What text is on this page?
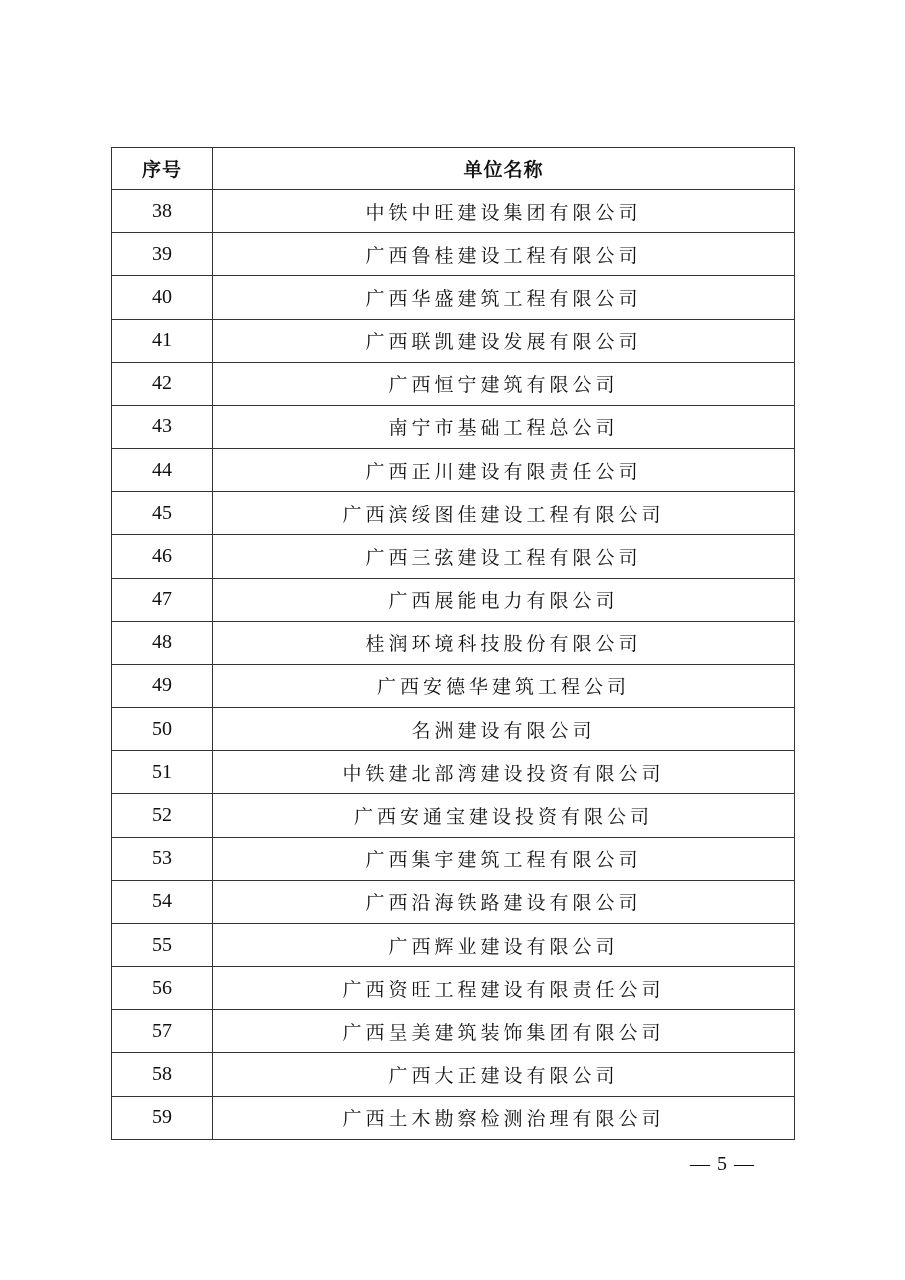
序号	单位名称
38	中铁中旺建设集团有限公司
39	广西鲁桂建设工程有限公司
40	广西华盛建筑工程有限公司
41	广西联凯建设发展有限公司
42	广西恒宁建筑有限公司
43	南宁市基础工程总公司
44	广西正川建设有限责任公司
45	广西滨绥图佳建设工程有限公司
46	广西三弦建设工程有限公司
47	广西展能电力有限公司
48	桂润环境科技股份有限公司
49	广西安德华建筑工程公司
50	名洲建设有限公司
51	中铁建北部湾建设投资有限公司
52	广西安通宝建设投资有限公司
53	广西集宇建筑工程有限公司
54	广西沿海铁路建设有限公司
55	广西辉业建设有限公司
56	广西资旺工程建设有限责任公司
57	广西呈美建筑装饰集团有限公司
58	广西大正建设有限公司
59	广西土木勘察检测治理有限公司
— 5 —
